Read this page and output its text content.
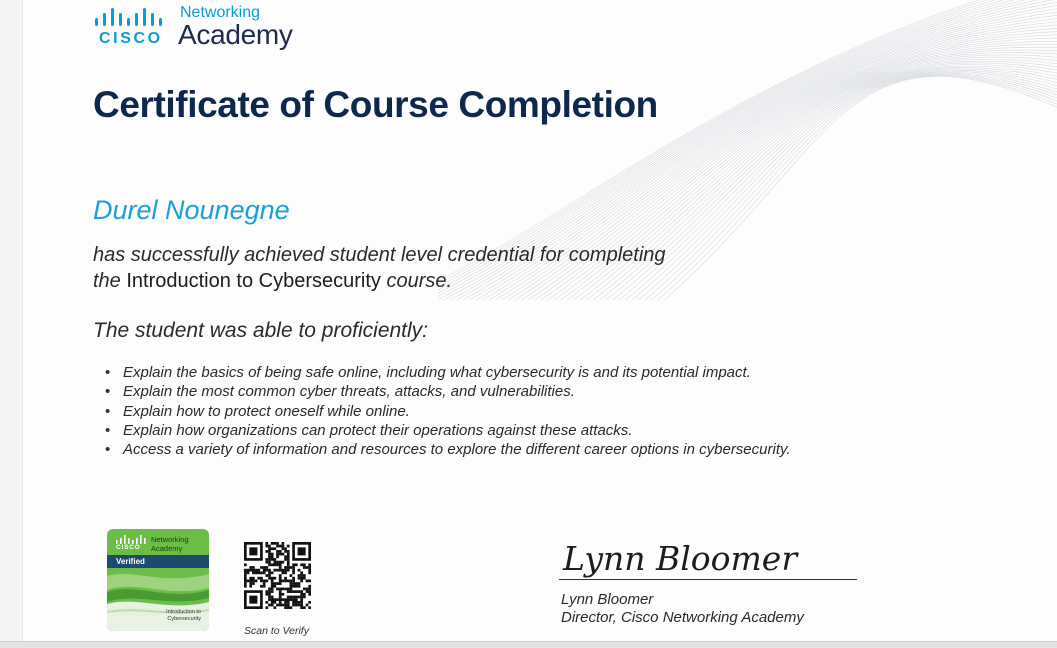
CISCO
Networking
Academy
Certificate of Course Completion
Durel Nounegne
has successfully achieved student level credential for completing
the Introduction to Cybersecurity course.
The student was able to proficiently:
• Explain the basics of being safe online, including what cybersecurity is and its potential impact.
• Explain the most common cyber threats, attacks, and vulnerabilities.
• Explain how to protect oneself while online.
• Explain how organizations can protect their operations against these attacks.
• Access a variety of information and resources to explore the different career options in cybersecurity.
CISCO
Networking
Academy
Verified
Introduction to
Cybersecurity
Scan to Verify
Lynn Bloomer
Lynn Bloomer
Director, Cisco Networking Academy
